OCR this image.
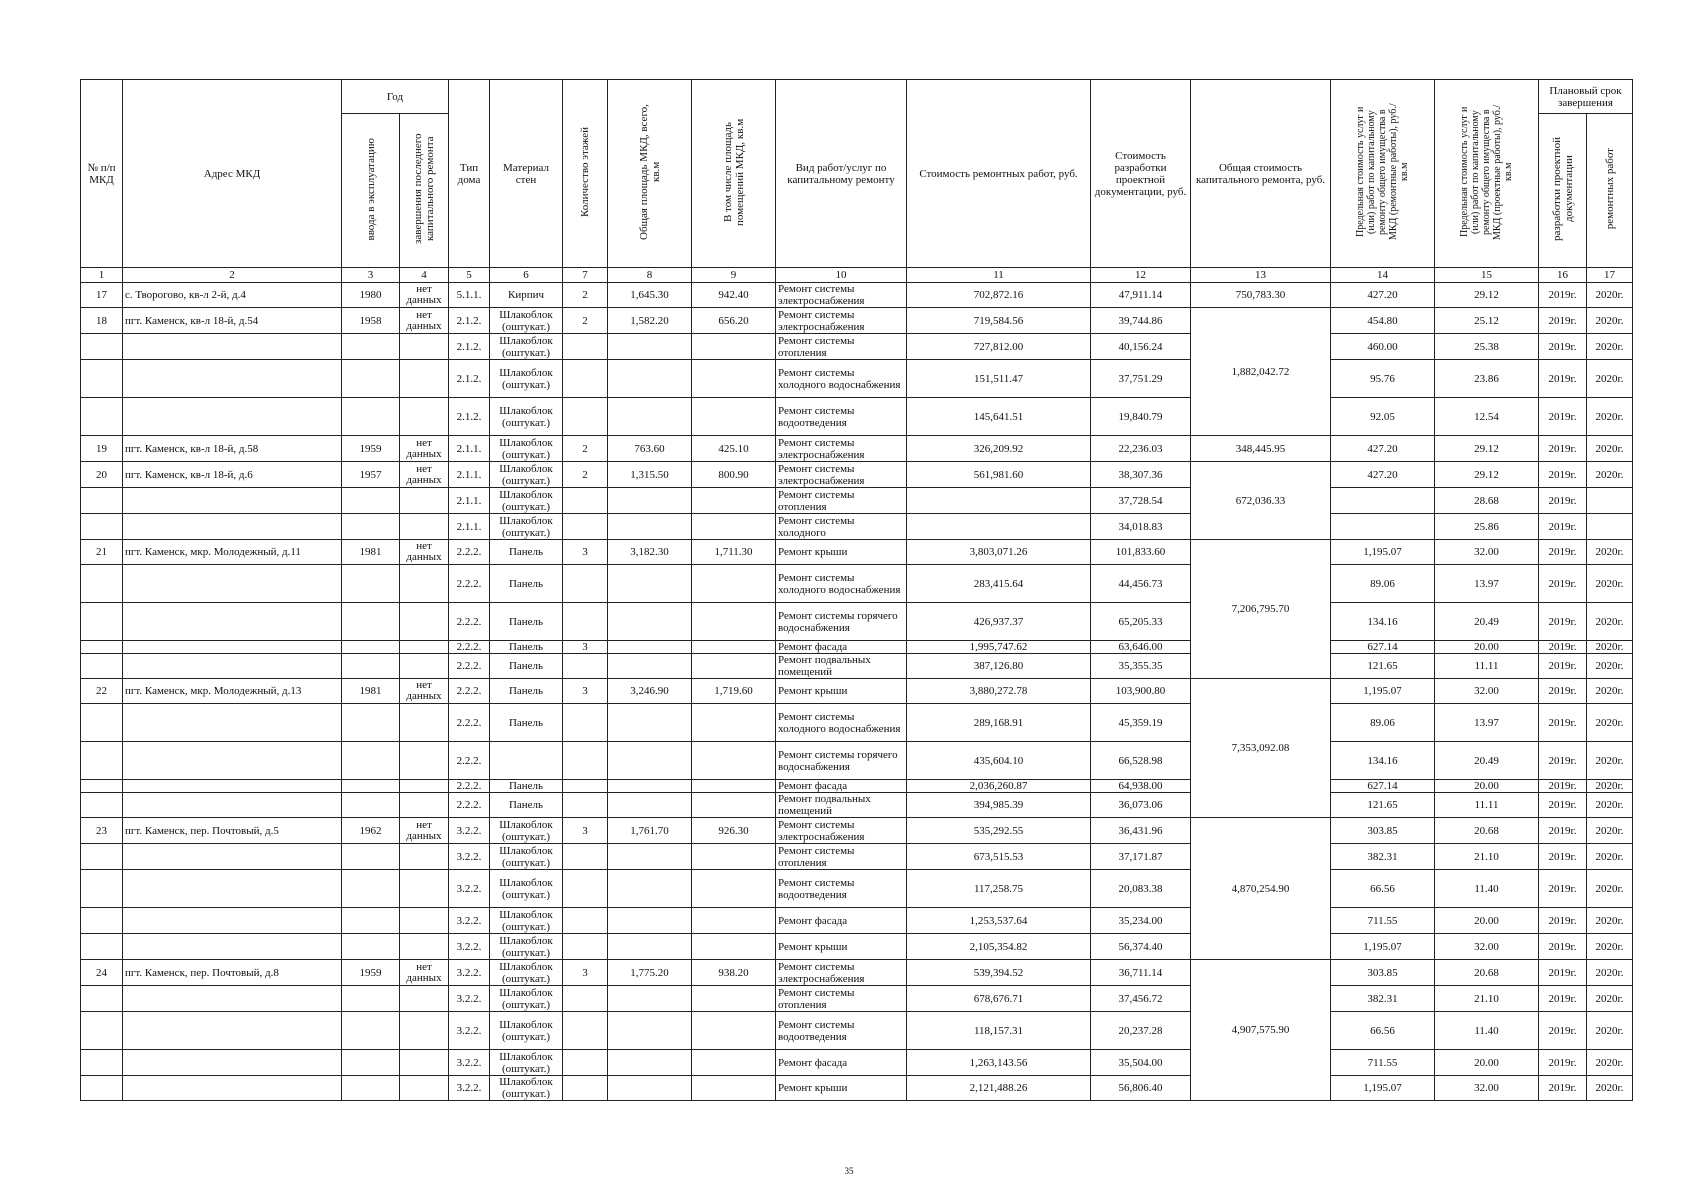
№ п/п МКД	Адрес МКД	Год		Тип дома	Материал стен	Количество этажей	Общая площадь МКД, всего, кв.м	В том числе площадь помещений МКД, кв.м	Вид работ/услуг по капитальному ремонту	Стоимость ремонтных работ, руб.	Стоимость разработки проектной документации, руб.	Общая стоимость капитального ремонта, руб.	Предельная стоимость услуг и (или) работ по капитальному ремонту общего имущества в МКД (ремонтные работы), руб./кв.м	Предельная стоимость услуг и (или) работ по капитальному ремонту общего имущества в МКД (проектные работы), руб./кв.м	Плановый срок завершения	
		ввода в эксплуатацию	завершения последнего капитального ремонта												разработки проектной документации	ремонтных работ
1	2	3	4	5	6	7	8	9	10	11	12	13	14	15	16	17
17	с. Творогово, кв-л 2-й, д.4	1980	нет данных	5.1.1.	Кирпич	2	1,645.30	942.40	Ремонт системы электроснабжения	702,872.16	47,911.14	750,783.30	427.20	29.12	2019г.	2020г.
18	пгт. Каменск, кв-л 18-й, д.54	1958	нет данных	2.1.2.	Шлакоблок (оштукат.)	2	1,582.20	656.20	Ремонт системы электроснабжения	719,584.56	39,744.86	1,882,042.72	454.80	25.12	2019г.	2020г.
				2.1.2.	Шлакоблок (оштукат.)				Ремонт системы отопления	727,812.00	40,156.24		460.00	25.38	2019г.	2020г.
				2.1.2.	Шлакоблок (оштукат.)				Ремонт системы холодного водоснабжения	151,511.47	37,751.29		95.76	23.86	2019г.	2020г.
				2.1.2.	Шлакоблок (оштукат.)				Ремонт системы водоотведения	145,641.51	19,840.79		92.05	12.54	2019г.	2020г.
19	пгт. Каменск, кв-л 18-й, д.58	1959	нет данных	2.1.1.	Шлакоблок (оштукат.)	2	763.60	425.10	Ремонт системы электроснабжения	326,209.92	22,236.03	348,445.95	427.20	29.12	2019г.	2020г.
20	пгт. Каменск, кв-л 18-й, д.6	1957	нет данных	2.1.1.	Шлакоблок (оштукат.)	2	1,315.50	800.90	Ремонт системы электроснабжения	561,981.60	38,307.36	672,036.33	427.20	29.12	2019г.	2020г.
				2.1.1.	Шлакоблок (оштукат.)				Ремонт системы отопления		37,728.54			28.68	2019г.	
				2.1.1.	Шлакоблок (оштукат.)				Ремонт системы холодного		34,018.83			25.86	2019г.	
21	пгт. Каменск, мкр. Молодежный, д.11	1981	нет данных	2.2.2.	Панель	3	3,182.30	1,711.30	Ремонт крыши	3,803,071.26	101,833.60	7,206,795.70	1,195.07	32.00	2019г.	2020г.
				2.2.2.	Панель				Ремонт системы холодного водоснабжения	283,415.64	44,456.73		89.06	13.97	2019г.	2020г.
				2.2.2.	Панель				Ремонт системы горячего водоснабжения	426,937.37	65,205.33		134.16	20.49	2019г.	2020г.
				2.2.2.	Панель	3			Ремонт фасада	1,995,747.62	63,646.00		627.14	20.00	2019г.	2020г.
				2.2.2.	Панель				Ремонт подвальных помещений	387,126.80	35,355.35		121.65	11.11	2019г.	2020г.
22	пгт. Каменск, мкр. Молодежный, д.13	1981	нет данных	2.2.2.	Панель	3	3,246.90	1,719.60	Ремонт крыши	3,880,272.78	103,900.80	7,353,092.08	1,195.07	32.00	2019г.	2020г.
				2.2.2.	Панель				Ремонт системы холодного водоснабжения	289,168.91	45,359.19		89.06	13.97	2019г.	2020г.
				2.2.2.					Ремонт системы горячего водоснабжения	435,604.10	66,528.98		134.16	20.49	2019г.	2020г.
				2.2.2.	Панель				Ремонт фасада	2,036,260.87	64,938.00		627.14	20.00	2019г.	2020г.
				2.2.2.	Панель				Ремонт подвальных помещений	394,985.39	36,073.06		121.65	11.11	2019г.	2020г.
23	пгт. Каменск, пер. Почтовый, д.5	1962	нет данных	3.2.2.	Шлакоблок (оштукат.)	3	1,761.70	926.30	Ремонт системы электроснабжения	535,292.55	36,431.96	4,870,254.90	303.85	20.68	2019г.	2020г.
				3.2.2.	Шлакоблок (оштукат.)				Ремонт системы отопления	673,515.53	37,171.87		382.31	21.10	2019г.	2020г.
				3.2.2.	Шлакоблок (оштукат.)				Ремонт системы водоотведения	117,258.75	20,083.38		66.56	11.40	2019г.	2020г.
				3.2.2.	Шлакоблок (оштукат.)				Ремонт фасада	1,253,537.64	35,234.00		711.55	20.00	2019г.	2020г.
				3.2.2.	Шлакоблок (оштукат.)				Ремонт крыши	2,105,354.82	56,374.40		1,195.07	32.00	2019г.	2020г.
24	пгт. Каменск, пер. Почтовый, д.8	1959	нет данных	3.2.2.	Шлакоблок (оштукат.)	3	1,775.20	938.20	Ремонт системы электроснабжения	539,394.52	36,711.14	4,907,575.90	303.85	20.68	2019г.	2020г.
				3.2.2.	Шлакоблок (оштукат.)				Ремонт системы отопления	678,676.71	37,456.72		382.31	21.10	2019г.	2020г.
				3.2.2.	Шлакоблок (оштукат.)				Ремонт системы водоотведения	118,157.31	20,237.28		66.56	11.40	2019г.	2020г.
				3.2.2.	Шлакоблок (оштукат.)				Ремонт фасада	1,263,143.56	35,504.00		711.55	20.00	2019г.	2020г.
				3.2.2.	Шлакоблок (оштукат.)				Ремонт крыши	2,121,488.26	56,806.40		1,195.07	32.00	2019г.	2020г.
35
